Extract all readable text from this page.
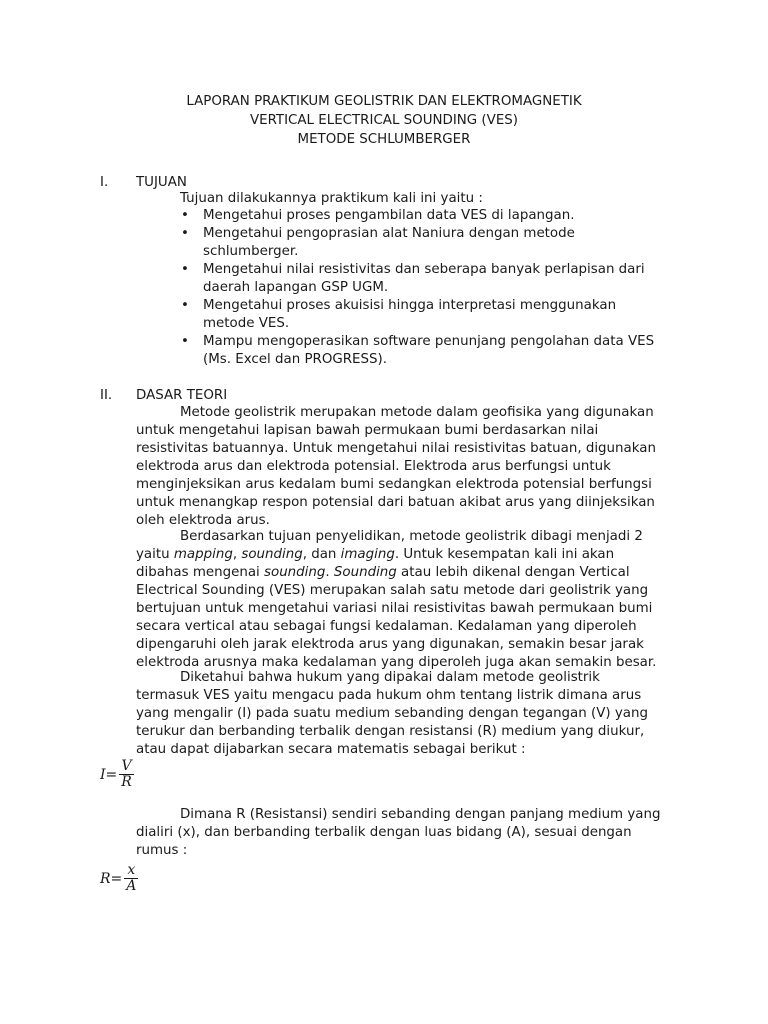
LAPORAN PRAKTIKUM GEOLISTRIK DAN ELEKTROMAGNETIK
VERTICAL ELECTRICAL SOUNDING (VES)
METODE SCHLUMBERGER
I. TUJUAN
Tujuan dilakukannya praktikum kali ini yaitu :
• Mengetahui proses pengambilan data VES di lapangan.
• Mengetahui pengoprasian alat Naniura dengan metode
schlumberger.
• Mengetahui nilai resistivitas dan seberapa banyak perlapisan dari
daerah lapangan GSP UGM.
• Mengetahui proses akuisisi hingga interpretasi menggunakan
metode VES.
• Mampu mengoperasikan software penunjang pengolahan data VES
(Ms. Excel dan PROGRESS).
II. DASAR TEORI
Metode geolistrik merupakan metode dalam geofisika yang digunakan
untuk mengetahui lapisan bawah permukaan bumi berdasarkan nilai
resistivitas batuannya. Untuk mengetahui nilai resistivitas batuan, digunakan
elektroda arus dan elektroda potensial. Elektroda arus berfungsi untuk
menginjeksikan arus kedalam bumi sedangkan elektroda potensial berfungsi
untuk menangkap respon potensial dari batuan akibat arus yang diinjeksikan
oleh elektroda arus.
Berdasarkan tujuan penyelidikan, metode geolistrik dibagi menjadi 2
yaitu mapping, sounding, dan imaging. Untuk kesempatan kali ini akan
dibahas mengenai sounding. Sounding atau lebih dikenal dengan Vertical
Electrical Sounding (VES) merupakan salah satu metode dari geolistrik yang
bertujuan untuk mengetahui variasi nilai resistivitas bawah permukaan bumi
secara vertical atau sebagai fungsi kedalaman. Kedalaman yang diperoleh
dipengaruhi oleh jarak elektroda arus yang digunakan, semakin besar jarak
elektroda arusnya maka kedalaman yang diperoleh juga akan semakin besar.
Diketahui bahwa hukum yang dipakai dalam metode geolistrik
termasuk VES yaitu mengacu pada hukum ohm tentang listrik dimana arus
yang mengalir (I) pada suatu medium sebanding dengan tegangan (V) yang
terukur dan berbanding terbalik dengan resistansi (R) medium yang diukur,
atau dapat dijabarkan secara matematis sebagai berikut :
$I = \frac{V}{R}$
Dimana R (Resistansi) sendiri sebanding dengan panjang medium yang
dialiri (x), dan berbanding terbalik dengan luas bidang (A), sesuai dengan
rumus :
$R = \frac{x}{A}$
